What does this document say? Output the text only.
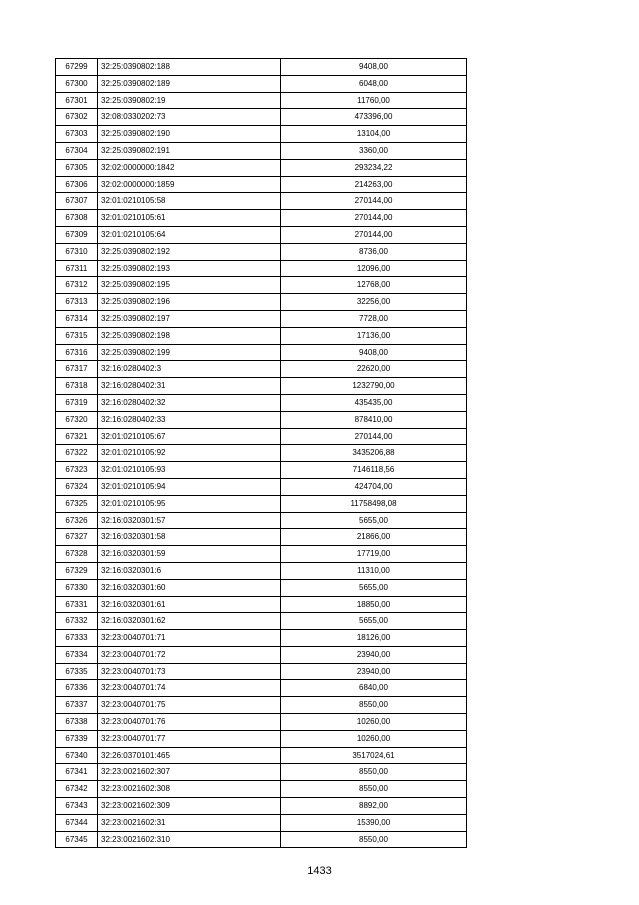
67299	32:25:0390802:188	9408,00
67300	32:25:0390802:189	6048,00
67301	32:25:0390802:19	11760,00
67302	32:08:0330202:73	473396,00
67303	32:25:0390802:190	13104,00
67304	32:25:0390802:191	3360,00
67305	32:02:0000000:1842	293234,22
67306	32:02:0000000:1859	214263,00
67307	32:01:0210105:58	270144,00
67308	32:01:0210105:61	270144,00
67309	32:01:0210105:64	270144,00
67310	32:25:0390802:192	8736,00
67311	32:25:0390802:193	12096,00
67312	32:25:0390802:195	12768,00
67313	32:25:0390802:196	32256,00
67314	32:25:0390802:197	7728,00
67315	32:25:0390802:198	17136,00
67316	32:25:0390802:199	9408,00
67317	32:16:0280402:3	22620,00
67318	32:16:0280402:31	1232790,00
67319	32:16:0280402:32	435435,00
67320	32:16:0280402:33	878410,00
67321	32:01:0210105:67	270144,00
67322	32:01:0210105:92	3435206,88
67323	32:01:0210105:93	7146118,56
67324	32:01:0210105:94	424704,00
67325	32:01:0210105:95	11758498,08
67326	32:16:0320301:57	5655,00
67327	32:16:0320301:58	21866,00
67328	32:16:0320301:59	17719,00
67329	32:16:0320301:6	11310,00
67330	32:16:0320301:60	5655,00
67331	32:16:0320301:61	18850,00
67332	32:16:0320301:62	5655,00
67333	32:23:0040701:71	18126,00
67334	32:23:0040701:72	23940,00
67335	32:23:0040701:73	23940,00
67336	32:23:0040701:74	6840,00
67337	32:23:0040701:75	8550,00
67338	32:23:0040701:76	10260,00
67339	32:23:0040701:77	10260,00
67340	32:26:0370101:465	3517024,61
67341	32:23:0021602:307	8550,00
67342	32:23:0021602:308	8550,00
67343	32:23:0021602:309	8892,00
67344	32:23:0021602:31	15390,00
67345	32:23:0021602:310	8550,00
1433
